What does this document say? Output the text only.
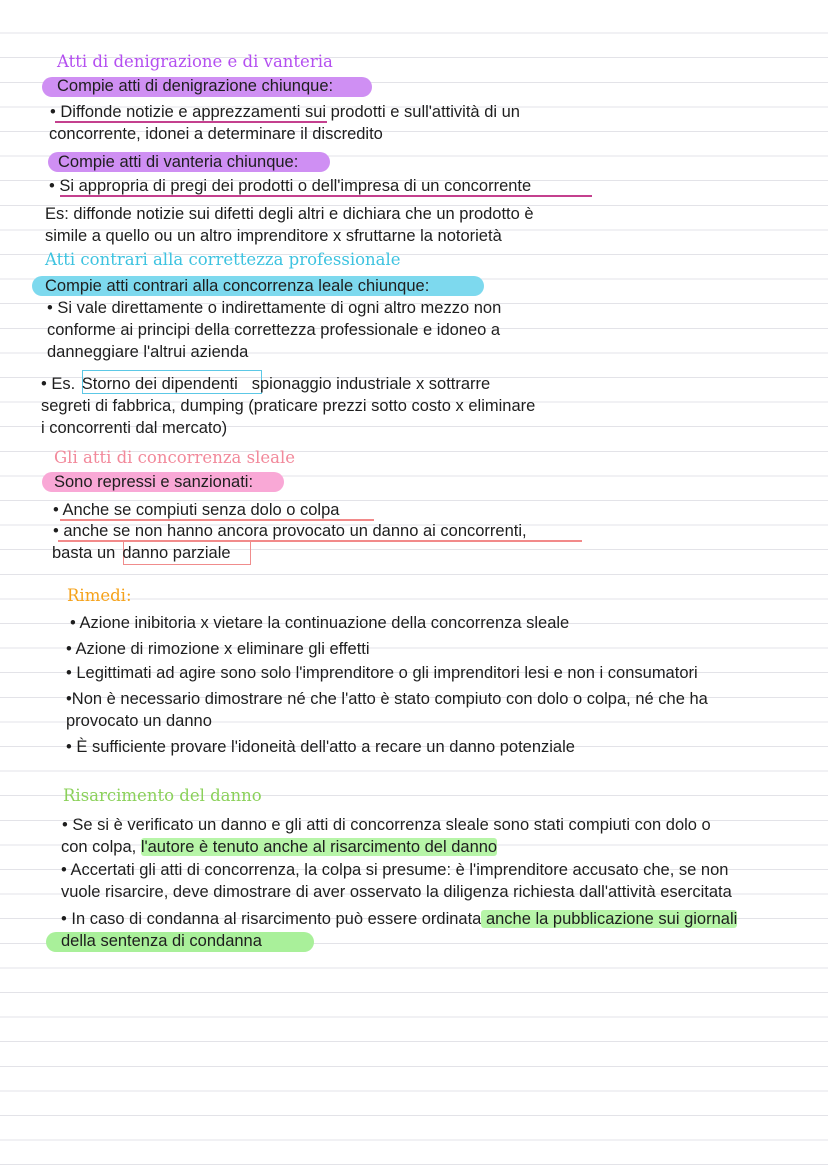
Atti di denigrazione e di vanteria
Compie atti di denigrazione chiunque:
• Diffonde notizie e apprezzamenti sui prodotti e sull'attività di un
concorrente, idonei a determinare il discredito
Compie atti di vanteria chiunque:
• Si appropria di pregi dei prodotti o dell'impresa di un concorrente
Es: diffonde notizie sui difetti degli altri e dichiara che un prodotto è
simile a quello ou un altro imprenditore x sfruttarne la notorietà
Atti contrari alla correttezza professionale
Compie atti contrari alla concorrenza leale chiunque:
• Si vale direttamente o indirettamente di ogni altro mezzo non
conforme ai principi della correttezza professionale e idoneo a
danneggiare l'altrui azienda
• Es. Storno dei dipendenti spionaggio industriale x sottrarre
segreti di fabbrica, dumping (praticare prezzi sotto costo x eliminare
i concorrenti dal mercato)
Gli atti di concorrenza sleale
Sono repressi e sanzionati:
• Anche se compiuti senza dolo o colpa
• anche se non hanno ancora provocato un danno ai concorrenti,
basta un danno parziale
Rimedi:
• Azione inibitoria x vietare la continuazione della concorrenza sleale
• Azione di rimozione x eliminare gli effetti
• Legittimati ad agire sono solo l'imprenditore o gli imprenditori lesi e non i consumatori
•Non è necessario dimostrare né che l'atto è stato compiuto con dolo o colpa, né che ha
provocato un danno
• È sufficiente provare l'idoneità dell'atto a recare un danno potenziale
Risarcimento del danno
• Se si è verificato un danno e gli atti di concorrenza sleale sono stati compiuti con dolo o
con colpa, l'autore è tenuto anche al risarcimento del danno
• Accertati gli atti di concorrenza, la colpa si presume: è l'imprenditore accusato che, se non
vuole risarcire, deve dimostrare di aver osservato la diligenza richiesta dall'attività esercitata
• In caso di condanna al risarcimento può essere ordinata anche la pubblicazione sui giornali
della sentenza di condanna
